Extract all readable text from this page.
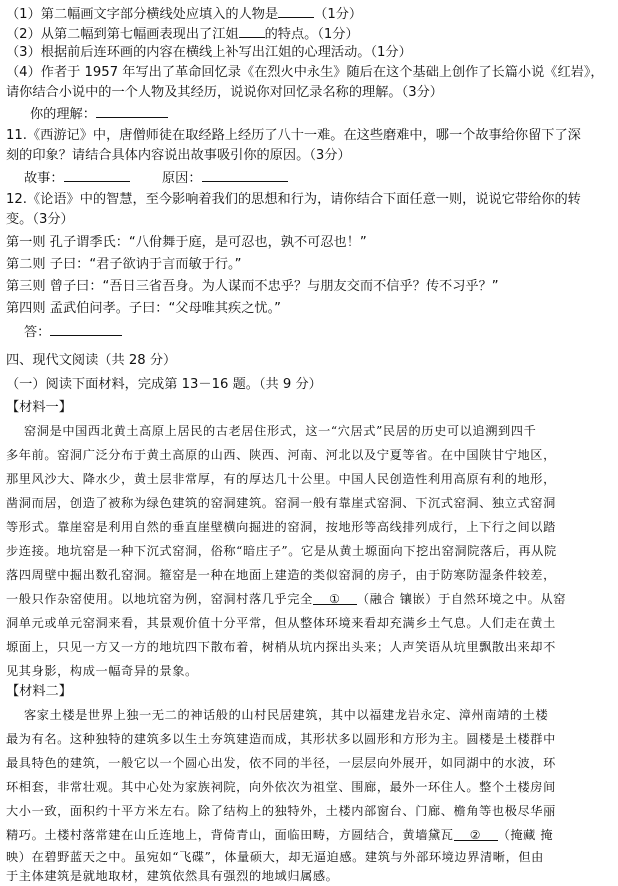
（1）第二幅画文字部分横线处应填入的人物是	（1分）
（2）从第二幅到第七幅画表现出了江姐 的特点。（1分）
（3）根据前后连环画的内容在横线上补写出江姐的心理活动。（1分）
（4）作者于 1957 年写出了革命回忆录《在烈火中永生》随后在这个基础上创作了长篇小说《红岩》，
请你结合小说中的一个人物及其经历，说说你对回忆录名称的理解。（3分）
你的理解：
11.《西游记》中，唐僧师徒在取经路上经历了八十一难。在这些磨难中，哪一个故事给你留下了深
刻的印象？请结合具体内容说出故事吸引你的原因。（3分）
故事：	原因：
12.《论语》中的智慧，至今影响着我们的思想和行为，请你结合下面任意一则，说说它带给你的转
变。（3分）
第一则 孔子谓季氏：“八佾舞于庭，是可忍也，孰不可忍也！”
第二则 子曰：“君子欲讷于言而敏于行。”
第三则 曾子曰：“吾日三省吾身。为人谋而不忠乎？与朋友交而不信乎？传不习乎？”
第四则 孟武伯问孝。子曰：“父母唯其疾之忧。”
答：
四、现代文阅读（共 28 分）
（一）阅读下面材料，完成第 13－16 题。（共 9 分）
【材料一】
窑洞是中国西北黄土高原上居民的古老居住形式，这一“穴居式”民居的历史可以追溯到四千
多年前。窑洞广泛分布于黄土高原的山西、陕西、河南、河北以及宁夏等省。在中国陕甘宁地区，
那里风沙大、降水少，黄土层非常厚，有的厚达几十公里。中国人民创造性利用高原有利的地形，
凿洞而居，创造了被称为绿色建筑的窑洞建筑。窑洞一般有靠崖式窑洞、下沉式窑洞、独立式窑洞
等形式。靠崖窑是利用自然的垂直崖壁横向掘进的窑洞，按地形等高线排列成行，上下行之间以踏
步连接。地坑窑是一种下沉式窑洞，俗称“暗庄子”。它是从黄土塬面向下挖出窑洞院落后，再从院
落四周壁中掘出数孔窑洞。箍窑是一种在地面上建造的类似窑洞的房子，由于防寒防湿条件较差，
一般只作杂窑使用。以地坑窑为例，窑洞村落几乎完全 ① （融合 镶嵌）于自然环境之中。从窑
洞单元或单元窑洞来看，其景观价值十分平常，但从整体环境来看却充满乡土气息。人们走在黄土
塬面上，只见一方又一方的地坑四下散布着，树梢从坑内探出头来；人声笑语从坑里飘散出来却不
见其身影，构成一幅奇异的景象。
【材料二】
客家土楼是世界上独一无二的神话般的山村民居建筑，其中以福建龙岩永定、漳州南靖的土楼
最为有名。这种独特的建筑多以生土夯筑建造而成，其形状多以圆形和方形为主。圆楼是土楼群中
最具特色的建筑，一般它以一个圆心出发，依不同的半径，一层层向外展开，如同湖中的水波，环
环相套，非常壮观。其中心处为家族祠院，向外依次为祖堂、围廊，最外一环住人。整个土楼房间
大小一致，面积约十平方米左右。除了结构上的独特外，土楼内部窗台、门廊、檐角等也极尽华丽
精巧。土楼村落常建在山丘连地上，背倚青山，面临田畴，方圆结合，黄墙黛瓦 ② （掩藏 掩
映）在碧野蓝天之中。虽宛如“飞碟”，体量硕大，却无逼迫感。建筑与外部环境边界清晰，但由
于主体建筑是就地取材，建筑依然具有强烈的地域归属感。
